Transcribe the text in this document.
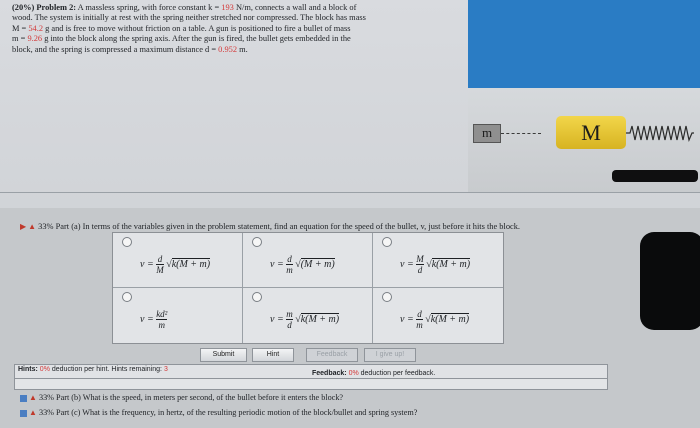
(20%) Problem 2: A massless spring, with force constant k = 193 N/m, connects a wall and a block of
wood. The system is initially at rest with the spring neither stretched nor compressed. The block has mass
M = 54.2 g and is free to move without friction on a table. A gun is positioned to fire a bullet of mass
m = 9.26 g into the block along the spring axis. After the gun is fired, the bullet gets embedded in the
block, and the spring is compressed a maximum distance d = 0.952 m.
m	M
▶ ▲ 33% Part (a) In terms of the variables given in the problem statement, find an equation for the speed of the bullet, v, just before it hits the block.
$v = \frac{d}{M} √k(M + m)$	$v = \frac{d}{m} √(M + m)$	$v = \frac{M}{d} √k(M + m)$
$v = \frac{\text{kd²}}{m}$	$v = \frac{m}{d} √k(M + m)$	$v = \frac{d}{m} √k(M + m)$
Submit	Hint	Feedback	I give up!
Hints: 0% deduction per hint. Hints remaining: 3
Feedback: 0% deduction per feedback.
▲ 33% Part (b) What is the speed, in meters per second, of the bullet before it enters the block?
▲ 33% Part (c) What is the frequency, in hertz, of the resulting periodic motion of the block/bullet and spring system?
